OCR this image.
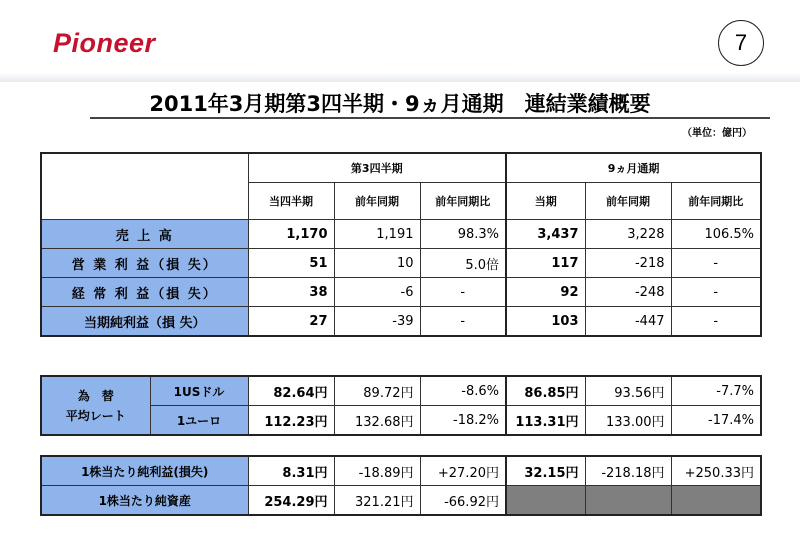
Pioneer	7
2011年3月期第3四半期・9ヵ月通期　連結業績概要
（単位：億円）
	第3四半期			9ヵ月通期		
	当四半期	前年同期	前年同期比	当期	前年同期	前年同期比
売 上 高	1,170	1,191	98.3%	3,437	3,228	106.5%
営 業 利 益（損 失）	51	10	5.0倍	117	-218	-
経 常 利 益（損 失）	38	-6	-	92	-248	-
当期純利益（損 失）	27	-39	-	103	-447	-
為　替
平均レート	1USドル	82.64円	89.72円	-8.6%	86.85円	93.56円	-7.7%
	1ユーロ	112.23円	132.68円	-18.2%	113.31円	133.00円	-17.4%
1株当たり純利益(損失)	8.31円	-18.89円	+27.20円	32.15円	-218.18円	+250.33円
1株当たり純資産	254.29円	321.21円	-66.92円			
